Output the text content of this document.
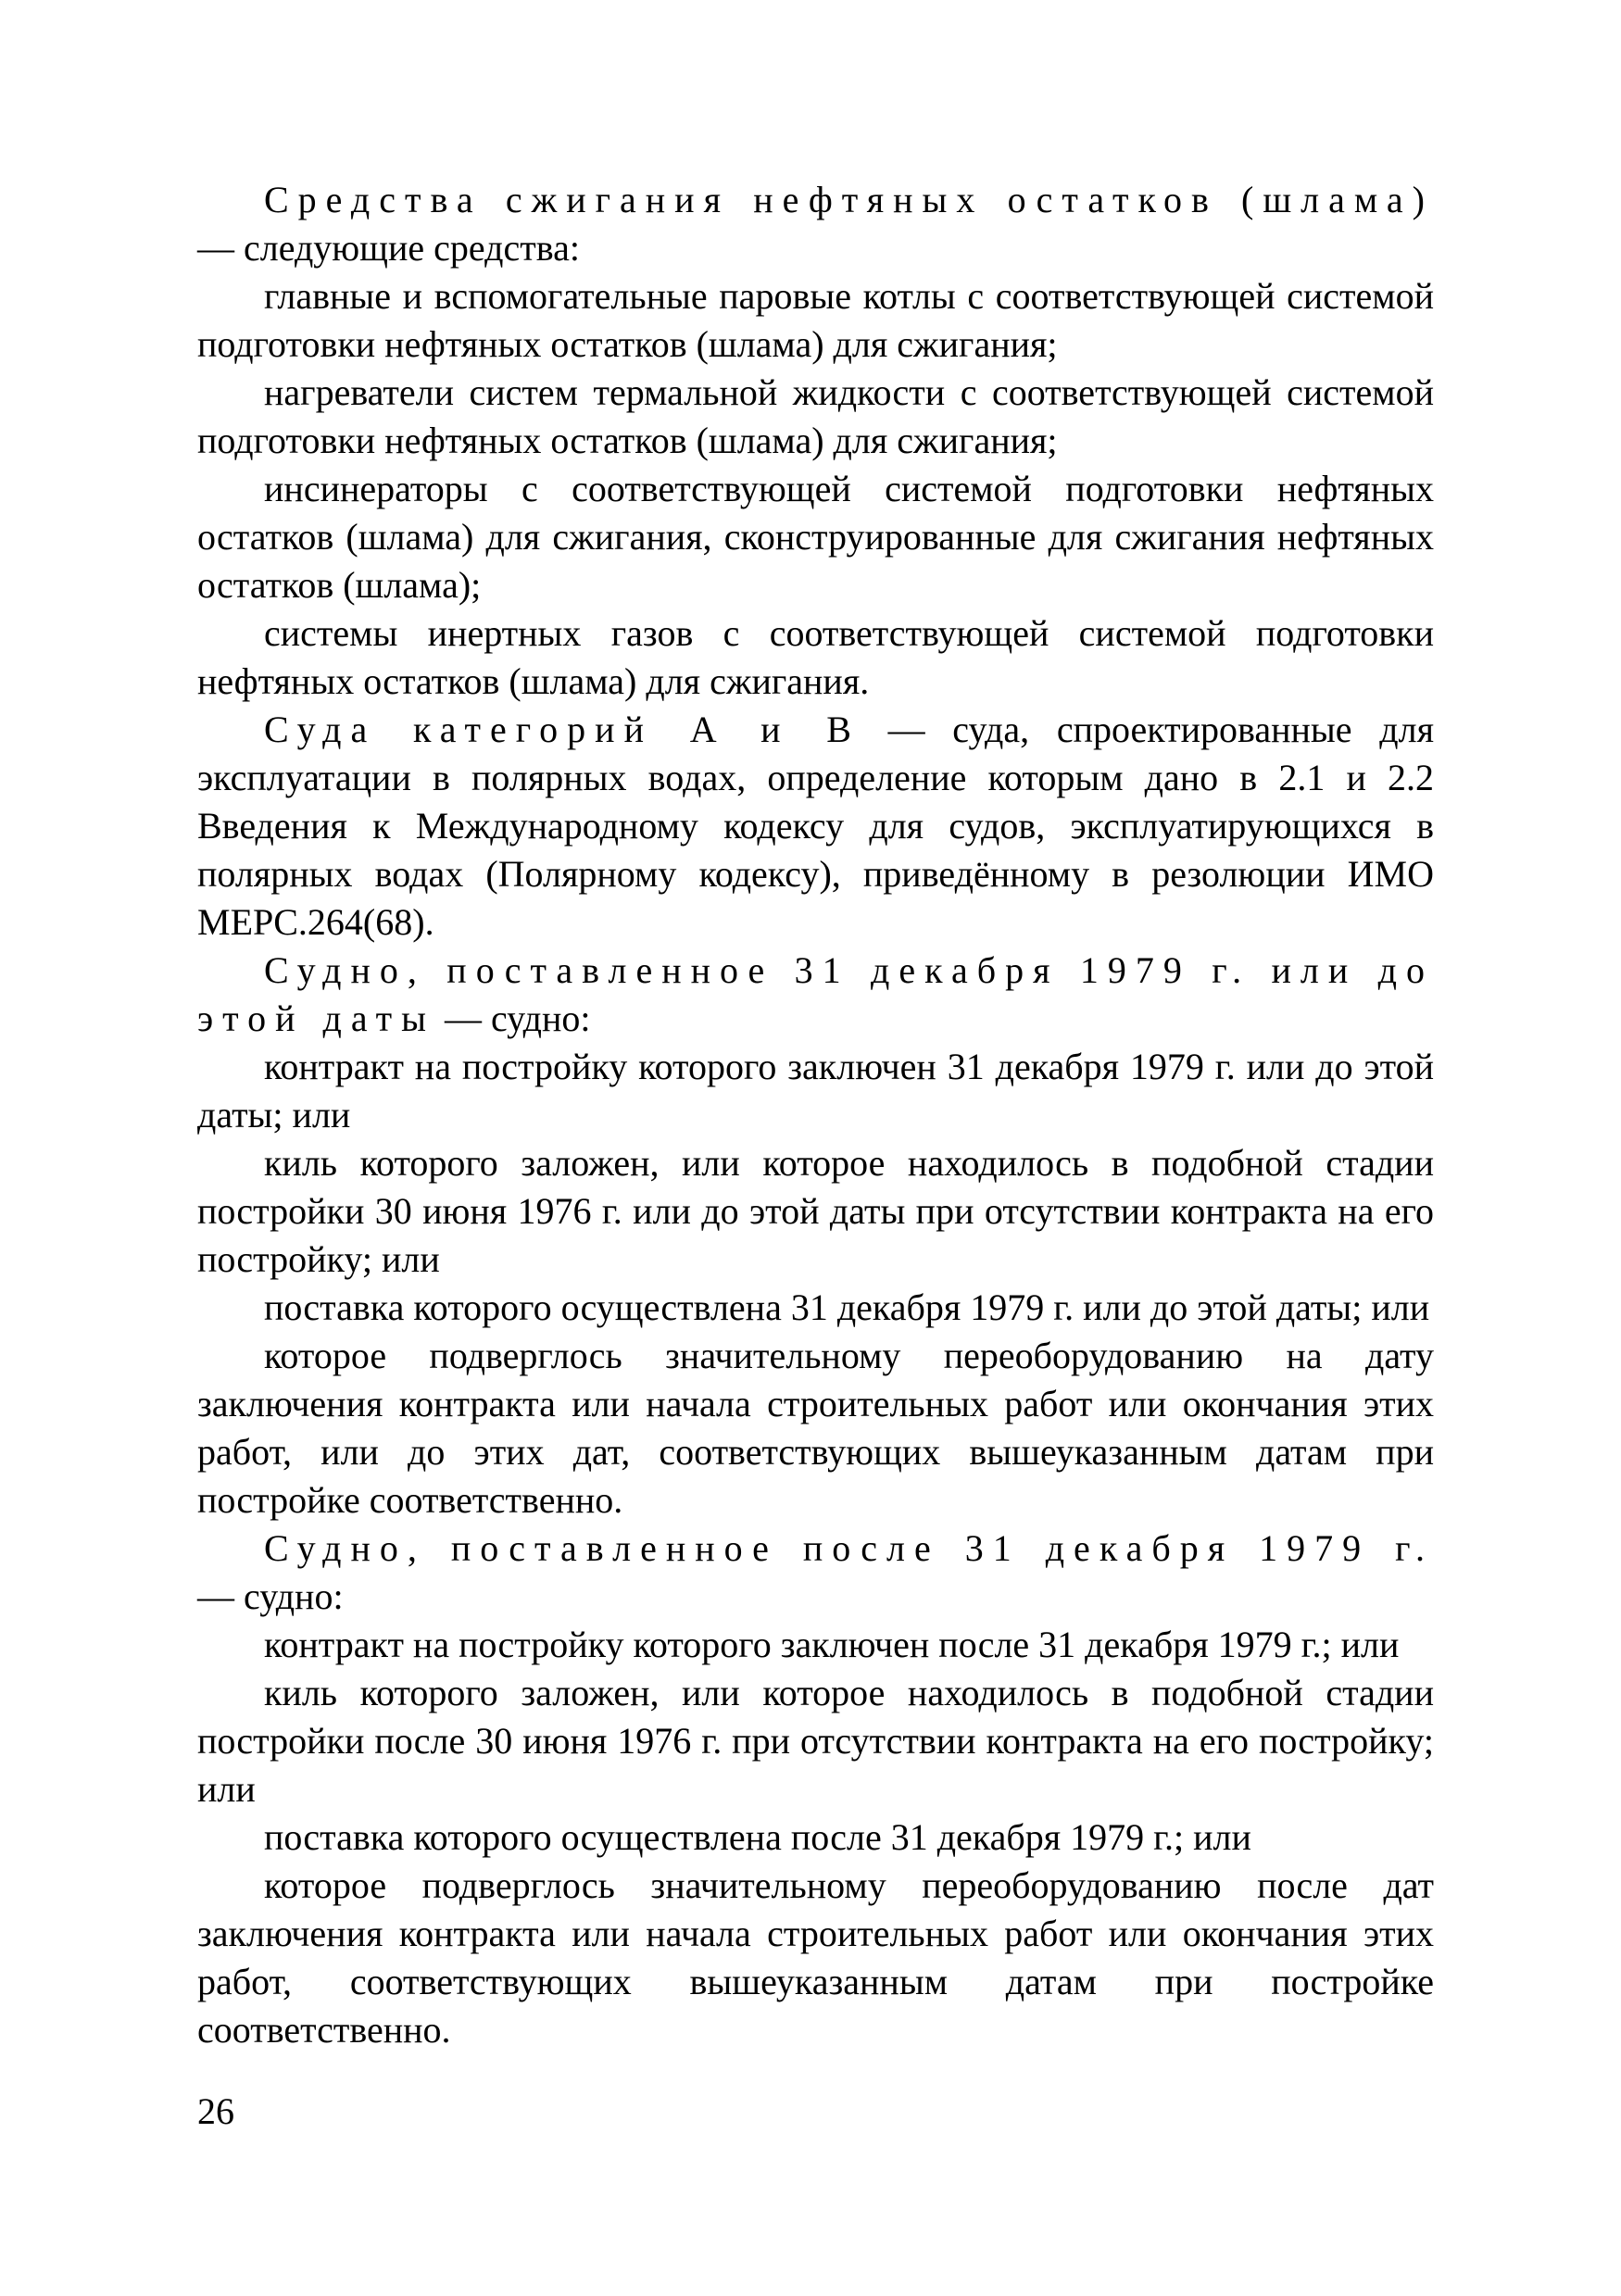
Средства сжигания нефтяных остатков (шлама) — следующие средства:

главные и вспомогательные паровые котлы с соответствующей системой подготовки нефтяных остатков (шлама) для сжигания;

нагреватели систем термальной жидкости с соответствующей системой подготовки нефтяных остатков (шлама) для сжигания;

инсинераторы с соответствующей системой подготовки нефтяных остатков (шлама) для сжигания, сконструированные для сжигания нефтяных остатков (шлама);

системы инертных газов с соответствующей системой подготовки нефтяных остатков (шлама) для сжигания.

Суда категорий A и B — суда, спроектированные для эксплуатации в полярных водах, определение которым дано в 2.1 и 2.2 Введения к Международному кодексу для судов, эксплуатирующихся в полярных водах (Полярному кодексу), приведённому в резолюции ИМО MEPC.264(68).

Судно, поставленное 31 декабря 1979 г. или до этой даты — судно:

контракт на постройку которого заключен 31 декабря 1979 г. или до этой даты; или

киль которого заложен, или которое находилось в подобной стадии постройки 30 июня 1976 г. или до этой даты при отсутствии контракта на его постройку; или

поставка которого осуществлена 31 декабря 1979 г. или до этой даты; или

которое подверглось значительному переоборудованию на дату заключения контракта или начала строительных работ или окончания этих работ, или до этих дат, соответствующих вышеуказанным датам при постройке соответственно.

Судно, поставленное после 31 декабря 1979 г. — судно:

контракт на постройку которого заключен после 31 декабря 1979 г.; или

киль которого заложен, или которое находилось в подобной стадии постройки после 30 июня 1976 г. при отсутствии контракта на его постройку; или

поставка которого осуществлена после 31 декабря 1979 г.; или

которое подверглось значительному переоборудованию после дат заключения контракта или начала строительных работ или окончания этих работ, соответствующих вышеуказанным датам при постройке соответственно.

26
